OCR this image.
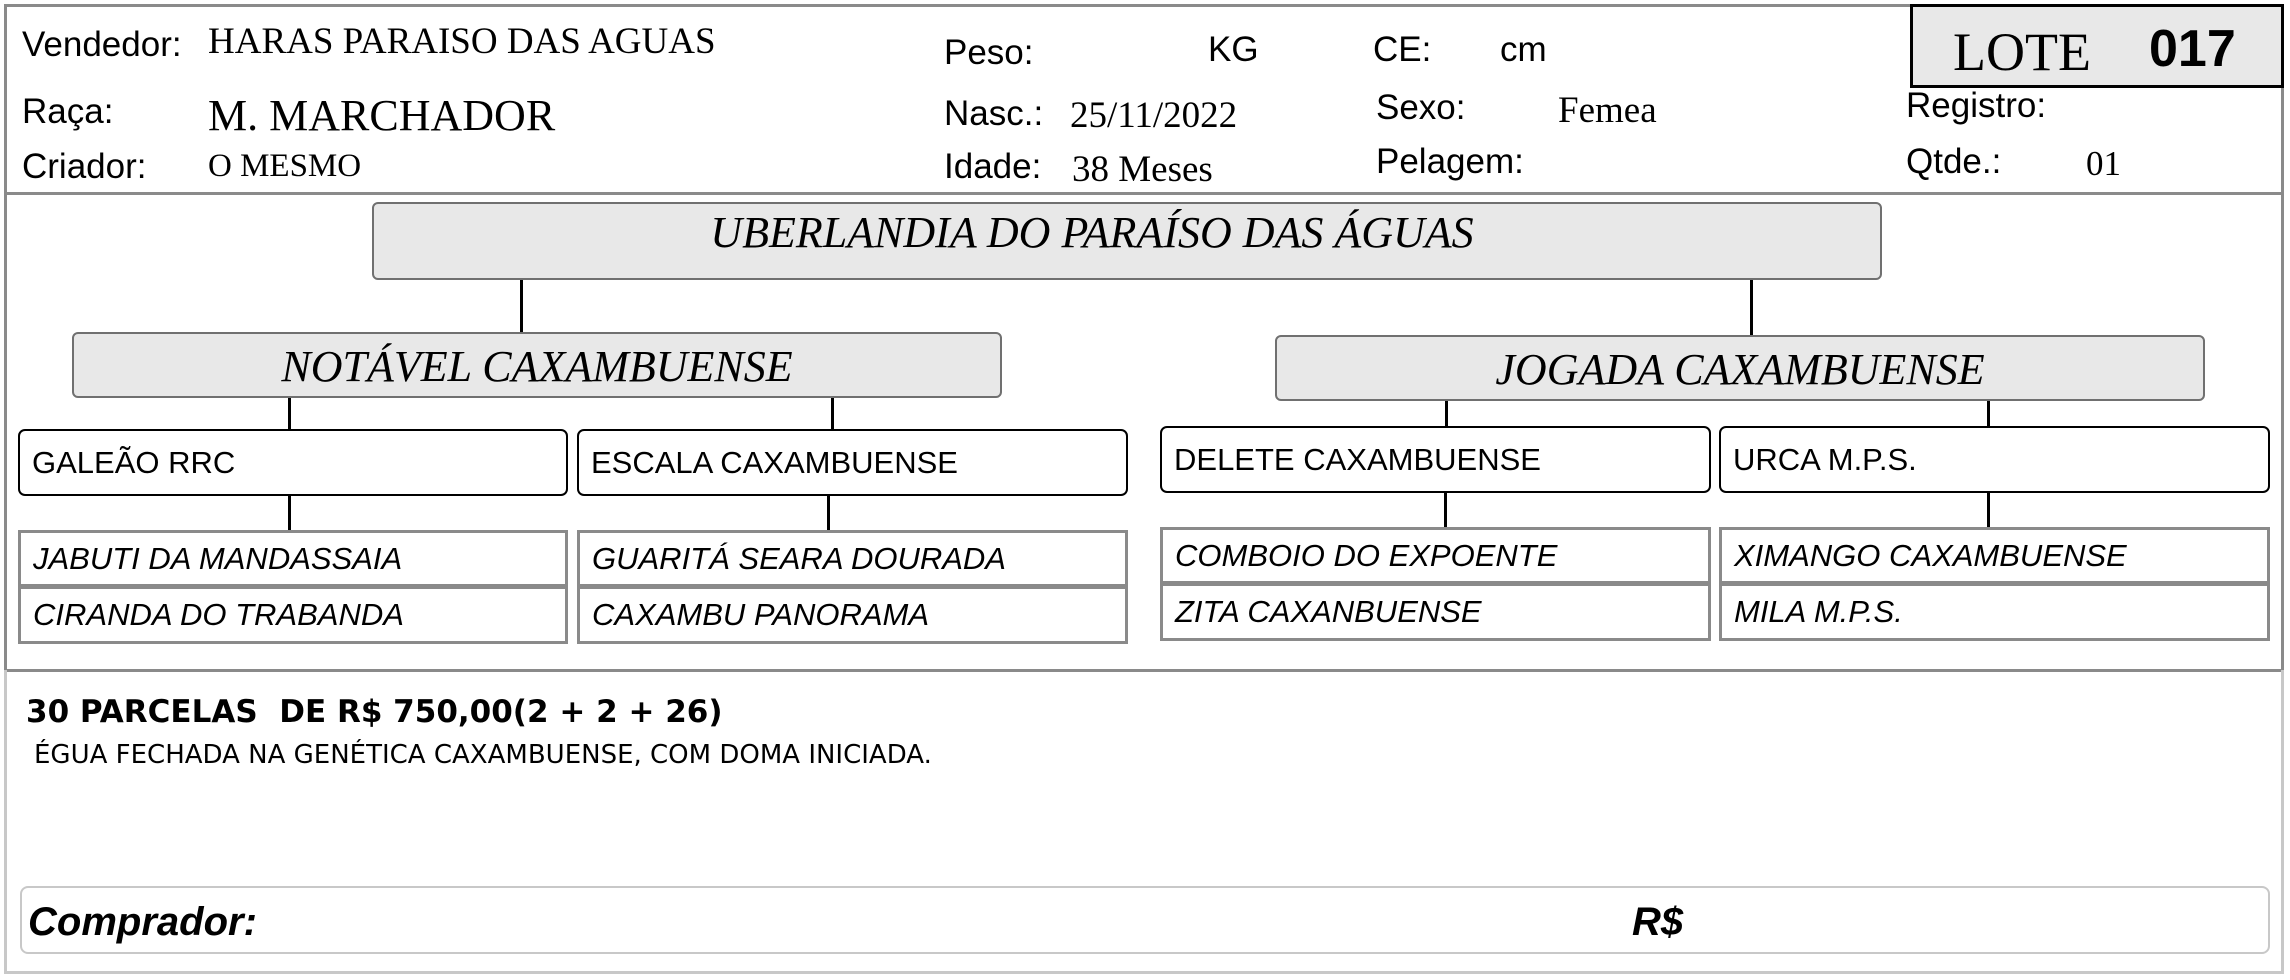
Vendedor: HARAS PARAISO DAS AGUAS
Raça: M. MARCHADOR
Criador: O MESMO
Peso:	KG
Nasc.: 25/11/2022
Idade: 38 Meses
CE: cm
Sexo:	Femea
Pelagem:
LOTE 017
Registro:
Qtde.: 01
UBERLANDIA DO PARAÍSO DAS ÁGUAS
NOTÁVEL CAXAMBUENSE	JOGADA CAXAMBUENSE
GALEÃO RRC	ESCALA CAXAMBUENSE	DELETE CAXAMBUENSE	URCA M.P.S.
JABUTI DA MANDASSAIA
CIRANDA DO TRABANDA
GUARITÁ SEARA DOURADA
CAXAMBU PANORAMA
COMBOIO DO EXPOENTE
ZITA CAXANBUENSE
XIMANGO CAXAMBUENSE
MILA M.P.S.
30 PARCELAS  DE R$ 750,00(2 + 2 + 26)
ÉGUA FECHADA NA GENÉTICA CAXAMBUENSE, COM DOMA INICIADA.
Comprador:	R$
